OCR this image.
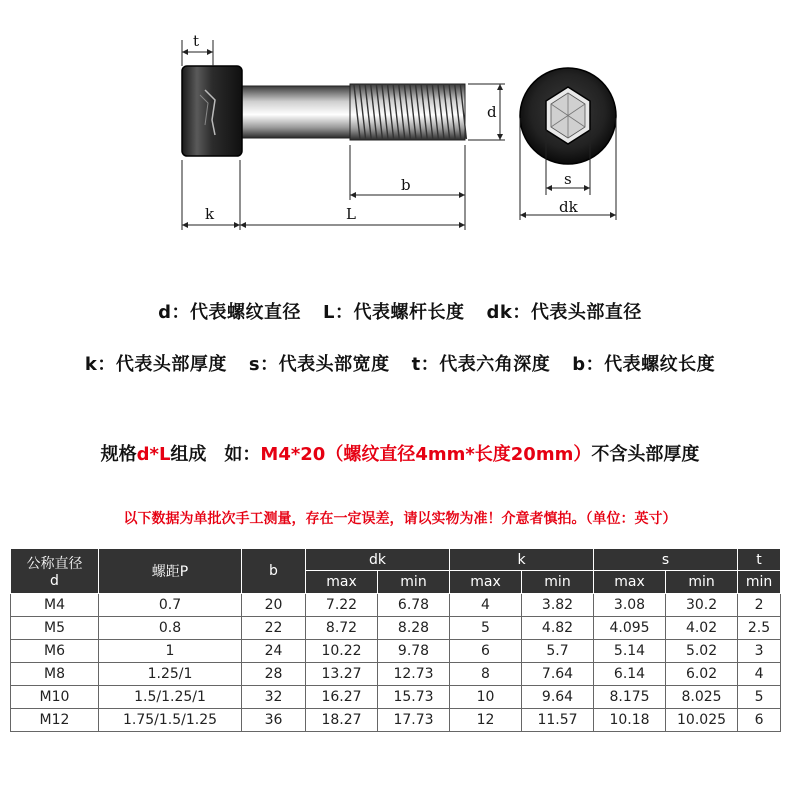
t
d
b
k	L
s
dk
d：代表螺纹直径 L：代表螺杆长度 dk：代表头部直径
k：代表头部厚度 s：代表头部宽度 t：代表六角深度 b：代表螺纹长度
规格d*L组成　如：M4*20（螺纹直径4mm*长度20mm）不含头部厚度
以下数据为单批次手工测量，存在一定误差，请以实物为准！介意者慎拍。（单位：英寸）
公称直径
d	螺距P	b	dk		k		s		t
			max	min	max	min	max	min	min
M4	0.7	20	7.22	6.78	4	3.82	3.08	30.2	2
M5	0.8	22	8.72	8.28	5	4.82	4.095	4.02	2.5
M6	1	24	10.22	9.78	6	5.7	5.14	5.02	3
M8	1.25/1	28	13.27	12.73	8	7.64	6.14	6.02	4
M10	1.5/1.25/1	32	16.27	15.73	10	9.64	8.175	8.025	5
M12	1.75/1.5/1.25	36	18.27	17.73	12	11.57	10.18	10.025	6
